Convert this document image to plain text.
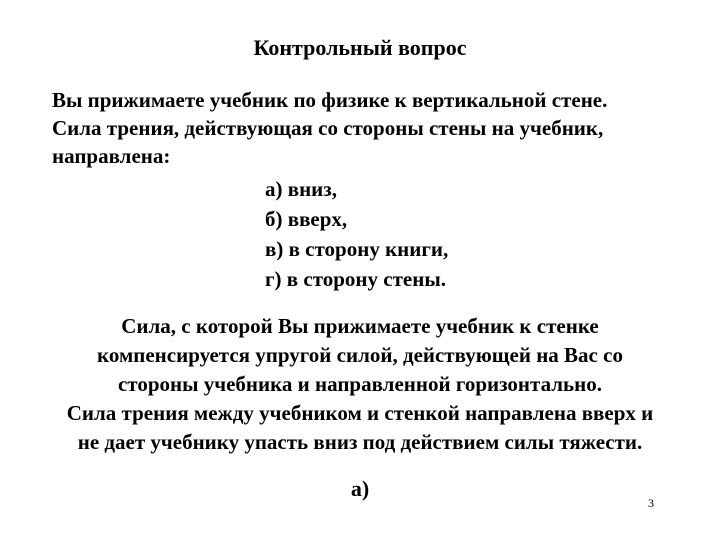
Контрольный вопрос
Вы прижимаете учебник по физике к вертикальной стене.
Сила трения, действующая со стороны стены на учебник,
направлена:
а) вниз,
б) вверх,
в) в сторону книги,
г) в сторону стены.
Сила, с которой Вы прижимаете учебник к стенке
компенсируется упругой силой, действующей на Вас со
стороны учебника и направленной горизонтально.
Сила трения между учебником и стенкой направлена вверх и
не дает учебнику упасть вниз под действием силы тяжести.
а)
3
